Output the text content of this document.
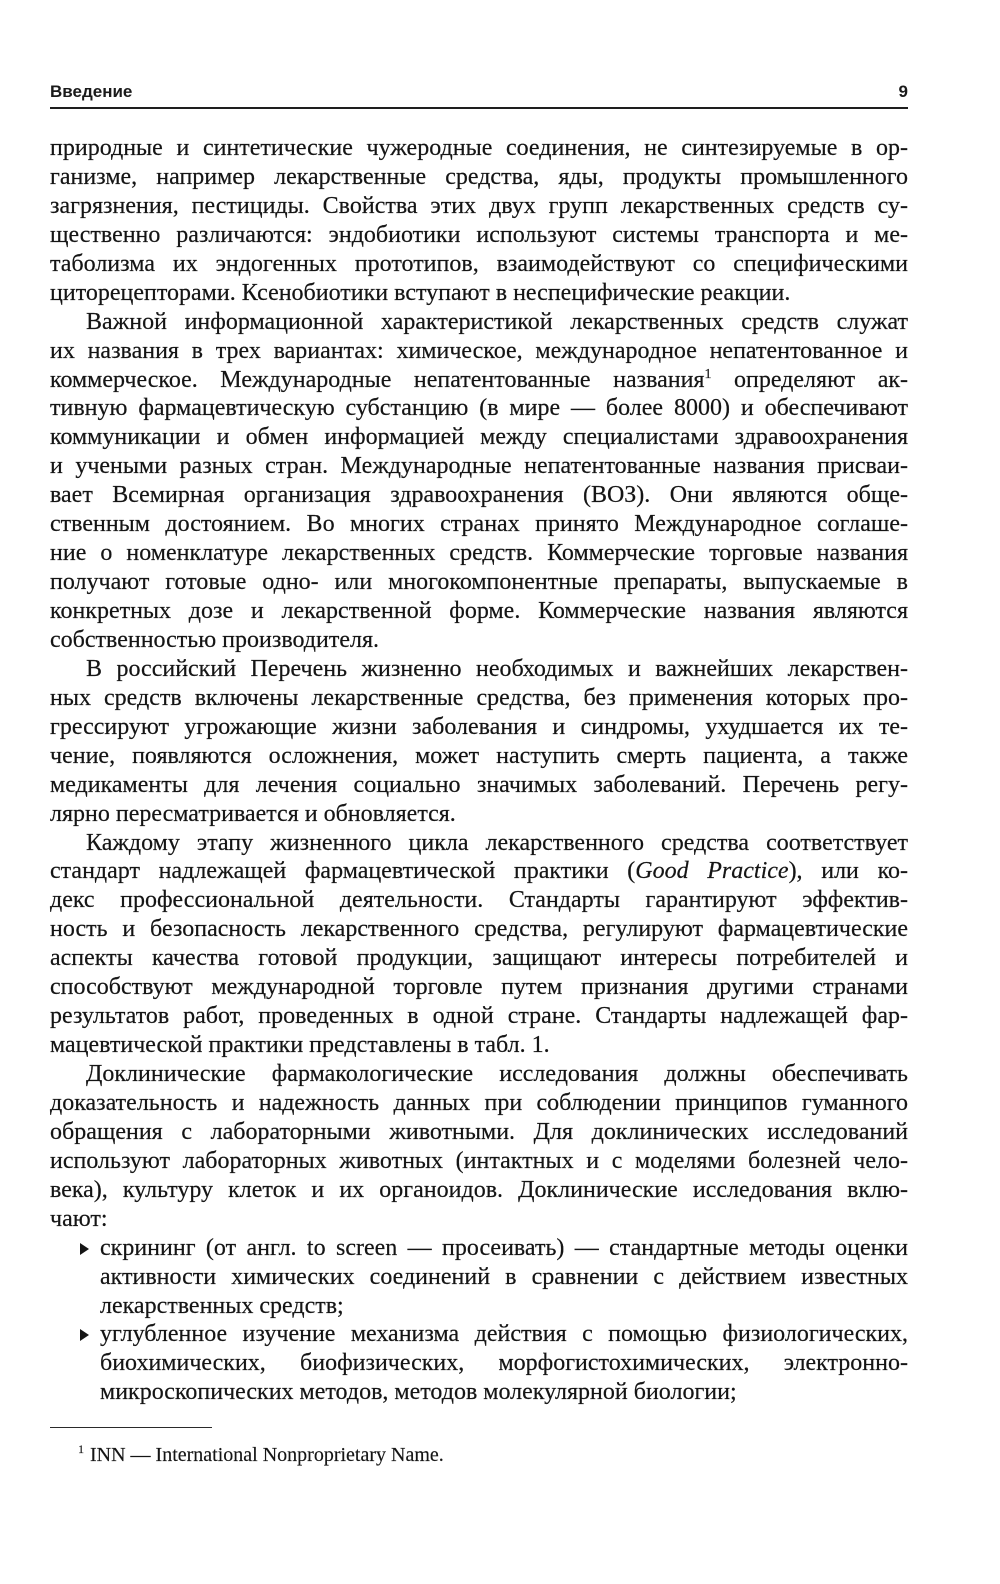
Введение	9
природные и синтетические чужеродные соединения, не синтезируемые в ор-
ганизме, например лекарственные средства, яды, продукты промышленного
загрязнения, пестициды. Свойства этих двух групп лекарственных средств су-
щественно различаются: эндобиотики используют системы транспорта и ме-
таболизма их эндогенных прототипов, взаимодействуют со специфическими
циторецепторами. Ксенобиотики вступают в неспецифические реакции.
Важной информационной характеристикой лекарственных средств служат
их названия в трех вариантах: химическое, международное непатентованное и
коммерческое. Международные непатентованные названия$^1$ определяют ак-
тивную фармацевтическую субстанцию (в мире — более 8000) и обеспечивают
коммуникации и обмен информацией между специалистами здравоохранения
и учеными разных стран. Международные непатентованные названия присваи-
вает Всемирная организация здравоохранения (ВОЗ). Они являются обще-
ственным достоянием. Во многих странах принято Международное соглаше-
ние о номенклатуре лекарственных средств. Коммерческие торговые названия
получают готовые одно- или многокомпонентные препараты, выпускаемые в
конкретных дозе и лекарственной форме. Коммерческие названия являются
собственностью производителя.
В российский Перечень жизненно необходимых и важнейших лекарствен-
ных средств включены лекарственные средства, без применения которых про-
грессируют угрожающие жизни заболевания и синдромы, ухудшается их те-
чение, появляются осложнения, может наступить смерть пациента, а также
медикаменты для лечения социально значимых заболеваний. Перечень регу-
лярно пересматривается и обновляется.
Каждому этапу жизненного цикла лекарственного средства соответствует
стандарт надлежащей фармацевтической практики (Good Practice), или ко-
декс профессиональной деятельности. Стандарты гарантируют эффектив-
ность и безопасность лекарственного средства, регулируют фармацевтические
аспекты качества готовой продукции, защищают интересы потребителей и
способствуют международной торговле путем признания другими странами
результатов работ, проведенных в одной стране. Стандарты надлежащей фар-
мацевтической практики представлены в табл. 1.
Доклинические фармакологические исследования должны обеспечивать
доказательность и надежность данных при соблюдении принципов гуманного
обращения с лабораторными животными. Для доклинических исследований
используют лабораторных животных (интактных и с моделями болезней чело-
века), культуру клеток и их органоидов. Доклинические исследования вклю-
чают:
скрининг (от англ. to screen — просеивать) — стандартные методы оценки
активности химических соединений в сравнении с действием известных
лекарственных средств;
углубленное изучение механизма действия с помощью физиологических,
биохимических, биофизических, морфогистохимических, электронно-
микроскопических методов, методов молекулярной биологии;
$^1$ INN — International Nonproprietary Name.
